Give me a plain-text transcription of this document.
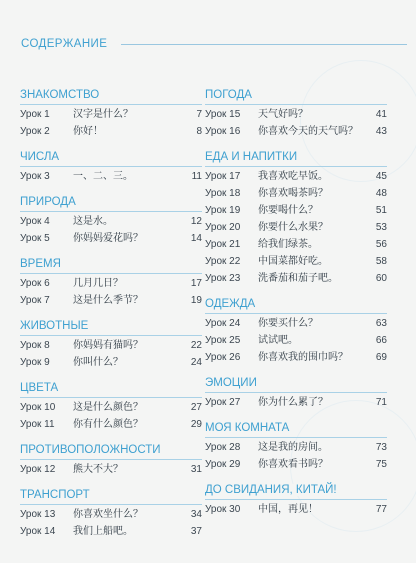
СОДЕРЖАНИЕ
ЗНАКОМСТВО
Урок 1 汉字是什么？	7
Урок 2 你好！	8
ЧИСЛА
Урок 3 一、二、三。	11
ПРИРОДА
Урок 4 这是水。	12
Урок 5 你妈妈爱花吗？	14
ВРЕМЯ
Урок 6 几月几日？	17
Урок 7 这是什么季节？	19
ЖИВОТНЫЕ
Урок 8 你妈妈有猫吗？	22
Урок 9 你叫什么？	24
ЦВЕТА
Урок 10 这是什么颜色？	27
Урок 11 你有什么颜色？	29
ПРОТИВОПОЛОЖНОСТИ
Урок 12 熊大不大？	31
ТРАНСПОРТ
Урок 13 你喜欢坐什么？	34
Урок 14 我们上船吧。	37
ПОГОДА
Урок 15 天气好吗？	41
Урок 16 你喜欢今天的天气吗？ 43
ЕДА И НАПИТКИ
Урок 17 我喜欢吃早饭。	45
Урок 18 你喜欢喝茶吗？	48
Урок 19 你要喝什么？	51
Урок 20 你要什么水果？	53
Урок 21 给我们绿茶。	56
Урок 22 中国菜都好吃。	58
Урок 23 洗番茄和茄子吧。	60
ОДЕЖДА
Урок 24 你要买什么？	63
Урок 25 试试吧。	66
Урок 26 你喜欢我的围巾吗？	69
ЭМОЦИИ
Урок 27 你为什么累了？	71
МОЯ КОМНАТА
Урок 28 这是我的房间。	73
Урок 29 你喜欢看书吗？	75
ДО СВИДАНИЯ, КИТАЙ!
Урок 30 中国，再见！	77
